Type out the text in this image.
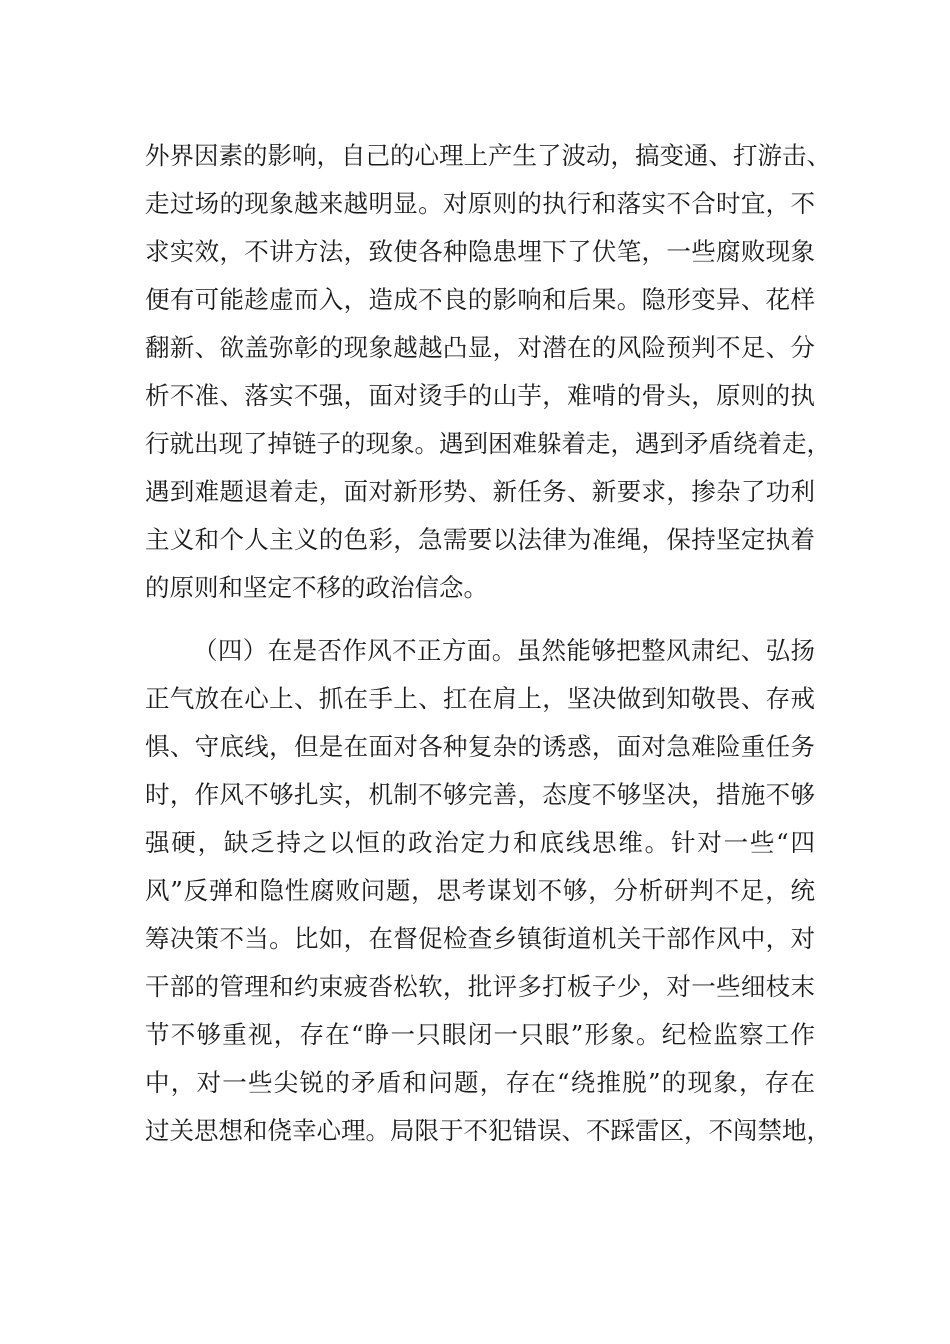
外界因素的影响，自己的心理上产生了波动，搞变通、打游击、
走过场的现象越来越明显。对原则的执行和落实不合时宜，不
求实效，不讲方法，致使各种隐患埋下了伏笔，一些腐败现象
便有可能趁虚而入，造成不良的影响和后果。隐形变异、花样
翻新、欲盖弥彰的现象越越凸显，对潜在的风险预判不足、分
析不准、落实不强，面对烫手的山芋，难啃的骨头，原则的执
行就出现了掉链子的现象。遇到困难躲着走，遇到矛盾绕着走，
遇到难题退着走，面对新形势、新任务、新要求，掺杂了功利
主义和个人主义的色彩，急需要以法律为准绳，保持坚定执着
的原则和坚定不移的政治信念。
（四）在是否作风不正方面。虽然能够把整风肃纪、弘扬
正气放在心上、抓在手上、扛在肩上，坚决做到知敬畏、存戒
惧、守底线，但是在面对各种复杂的诱惑，面对急难险重任务
时，作风不够扎实，机制不够完善，态度不够坚决，措施不够
强硬，缺乏持之以恒的政治定力和底线思维。针对一些“四
风”反弹和隐性腐败问题，思考谋划不够，分析研判不足，统
筹决策不当。比如，在督促检查乡镇街道机关干部作风中，对
干部的管理和约束疲沓松软，批评多打板子少，对一些细枝末
节不够重视，存在“睁一只眼闭一只眼”形象。纪检监察工作
中，对一些尖锐的矛盾和问题，存在“绕推脱”的现象，存在
过关思想和侥幸心理。局限于不犯错误、不踩雷区，不闯禁地，
